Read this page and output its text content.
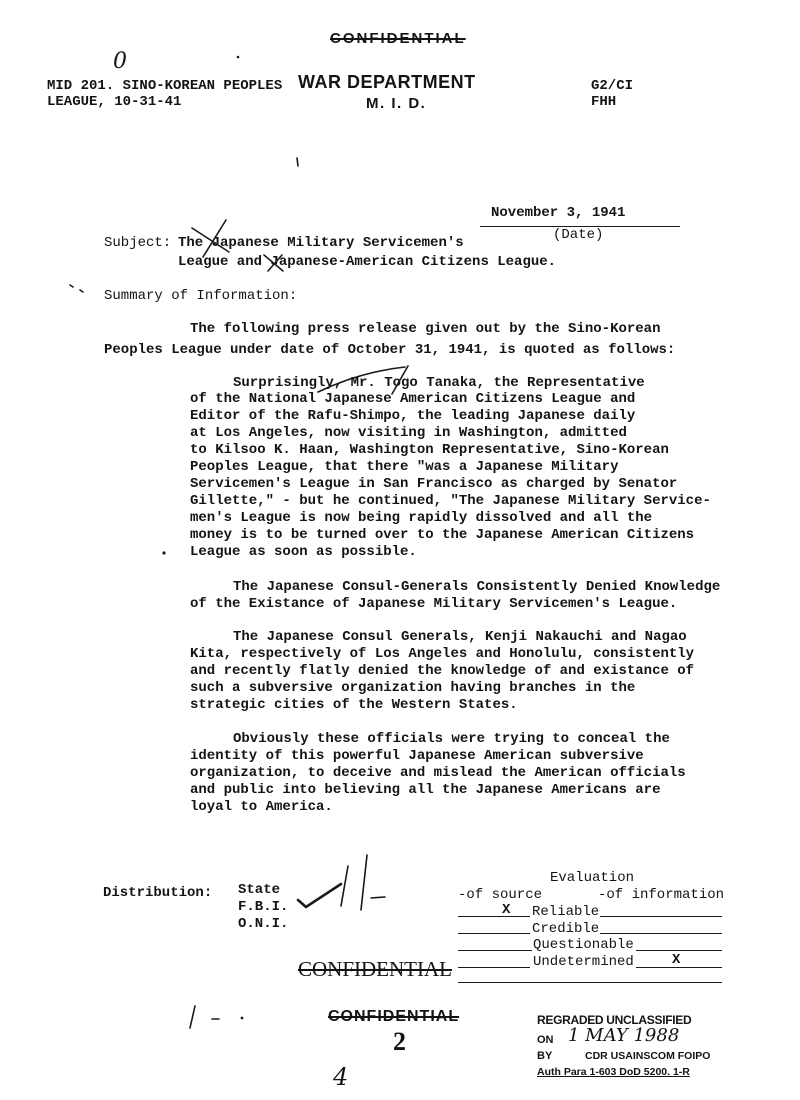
CONFIDENTIAL
0
MID 201. SINO-KOREAN PEOPLES
LEAGUE, 10-31-41
WAR DEPARTMENT
M. I. D.
G2/CI
FHH
November 3, 1941
(Date)
Subject: The Japanese Military Servicemen's
League and Japanese-American Citizens League.
Summary of Information:
The following press release given out by the Sino-Korean
Peoples League under date of October 31, 1941, is quoted as follows:
Surprisingly, Mr. Togo Tanaka, the Representative
of the National Japanese American Citizens League and
Editor of the Rafu-Shimpo, the leading Japanese daily
at Los Angeles, now visiting in Washington, admitted
to Kilsoo K. Haan, Washington Representative, Sino-Korean
Peoples League, that there "was a Japanese Military
Servicemen's League in San Francisco as charged by Senator
Gillette," - but he continued, "The Japanese Military Service-
men's League is now being rapidly dissolved and all the
money is to be turned over to the Japanese American Citizens
League as soon as possible.
The Japanese Consul-Generals Consistently Denied Knowledge
of the Existance of Japanese Military Servicemen's League.
The Japanese Consul Generals, Kenji Nakauchi and Nagao
Kita, respectively of Los Angeles and Honolulu, consistently
and recently flatly denied the knowledge of and existance of
such a subversive organization having branches in the
strategic cities of the Western States.
Obviously these officials were trying to conceal the
identity of this powerful Japanese American subversive
organization, to deceive and mislead the American officials
and public into believing all the Japanese Americans are
loyal to America.
Distribution: State
F.B.I.
O.N.I.
Evaluation
-of source	-of information
X Reliable
Credible
Questionable
Undetermined	X
CONFIDENTIAL
CONFIDENTIAL
2
4
REGRADED UNCLASSIFIED
ON 1 MAY 1988
BY	CDR USAINSCOM FOIPO
Auth Para 1-603 DoD 5200. 1-R
